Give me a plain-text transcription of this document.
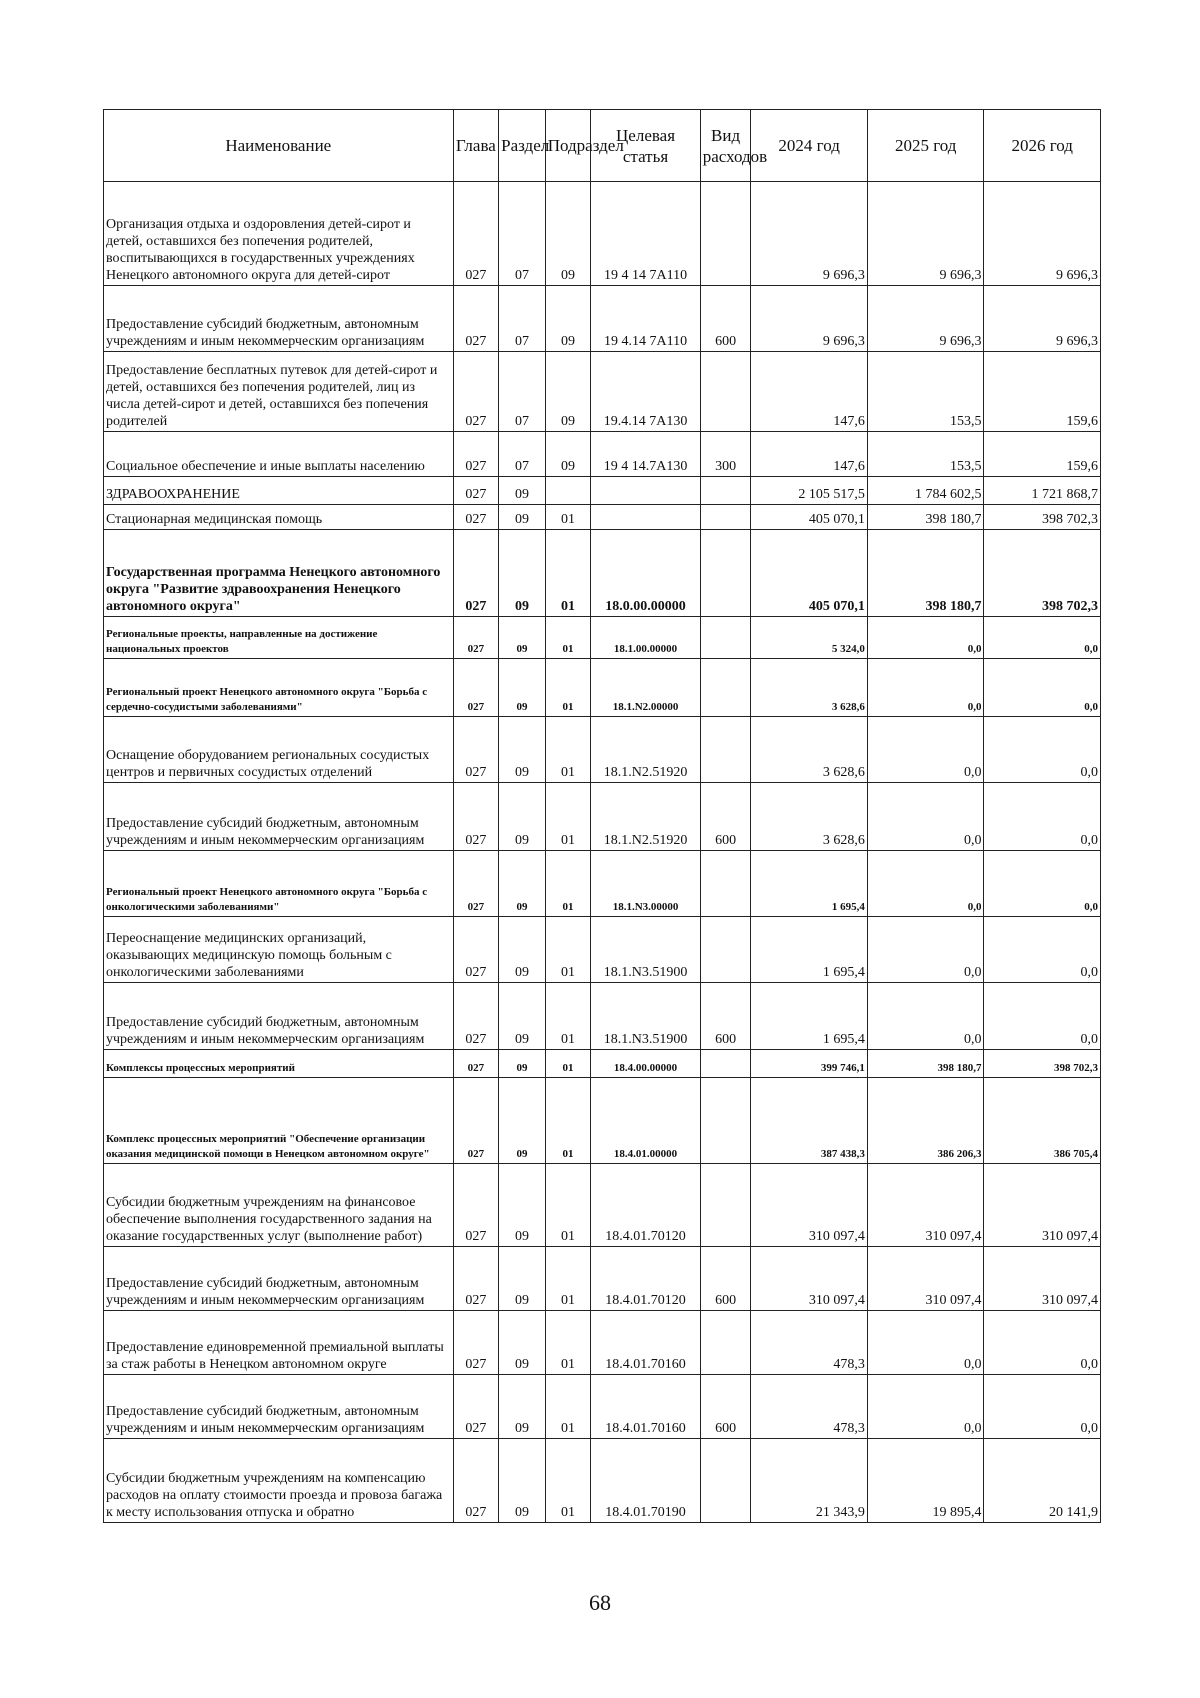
Наименование	Глава	Раздел	Подраздел	Целевая статья	Вид расходов	2024 год	2025 год	2026 год
Организация отдыха и оздоровления детей-сирот и детей, оставшихся без попечения родителей, воспитывающихся в государственных учреждениях Ненецкого автономного округа для детей-сирот	027	07	09	19 4 14 7А110		9 696,3	9 696,3	9 696,3
Предоставление субсидий бюджетным, автономным учреждениям и иным некоммерческим организациям	027	07	09	19 4.14 7А110	600	9 696,3	9 696,3	9 696,3
Предоставление бесплатных путевок для детей-сирот и детей, оставшихся без попечения родителей, лиц из числа детей-сирот и детей, оставшихся без попечения родителей	027	07	09	19.4.14 7А130		147,6	153,5	159,6
Социальное обеспечение и иные выплаты населению	027	07	09	19 4 14.7А130	300	147,6	153,5	159,6
ЗДРАВООХРАНЕНИЕ	027	09				2 105 517,5	1 784 602,5	1 721 868,7
Стационарная медицинская помощь	027	09	01			405 070,1	398 180,7	398 702,3
Государственная программа Ненецкого автономного округа "Развитие здравоохранения Ненецкого автономного округа"	027	09	01	18.0.00.00000		405 070,1	398 180,7	398 702,3
Региональные проекты, направленные на достижение национальных проектов	027	09	01	18.1.00.00000		5 324,0	0,0	0,0
Региональный проект Ненецкого автономного округа "Борьба с сердечно-сосудистыми заболеваниями"	027	09	01	18.1.N2.00000		3 628,6	0,0	0,0
Оснащение оборудованием региональных сосудистых центров и первичных сосудистых отделений	027	09	01	18.1.N2.51920		3 628,6	0,0	0,0
Предоставление субсидий бюджетным, автономным учреждениям и иным некоммерческим организациям	027	09	01	18.1.N2.51920	600	3 628,6	0,0	0,0
Региональный проект Ненецкого автономного округа "Борьба с онкологическими заболеваниями"	027	09	01	18.1.N3.00000		1 695,4	0,0	0,0
Переоснащение медицинских организаций, оказывающих медицинскую помощь больным с онкологическими заболеваниями	027	09	01	18.1.N3.51900		1 695,4	0,0	0,0
Предоставление субсидий бюджетным, автономным учреждениям и иным некоммерческим организациям	027	09	01	18.1.N3.51900	600	1 695,4	0,0	0,0
Комплексы процессных мероприятий	027	09	01	18.4.00.00000		399 746,1	398 180,7	398 702,3
Комплекс процессных мероприятий "Обеспечение организации оказания медицинской помощи в Ненецком автономном округе"	027	09	01	18.4.01.00000		387 438,3	386 206,3	386 705,4
Субсидии бюджетным учреждениям на финансовое обеспечение выполнения государственного задания на оказание государственных услуг (выполнение работ)	027	09	01	18.4.01.70120		310 097,4	310 097,4	310 097,4
Предоставление субсидий бюджетным, автономным учреждениям и иным некоммерческим организациям	027	09	01	18.4.01.70120	600	310 097,4	310 097,4	310 097,4
Предоставление единовременной премиальной выплаты за стаж работы в Ненецком автономном округе	027	09	01	18.4.01.70160		478,3	0,0	0,0
Предоставление субсидий бюджетным, автономным учреждениям и иным некоммерческим организациям	027	09	01	18.4.01.70160	600	478,3	0,0	0,0
Субсидии бюджетным учреждениям на компенсацию расходов на оплату стоимости проезда и провоза багажа к месту использования отпуска и обратно	027	09	01	18.4.01.70190		21 343,9	19 895,4	20 141,9
68
